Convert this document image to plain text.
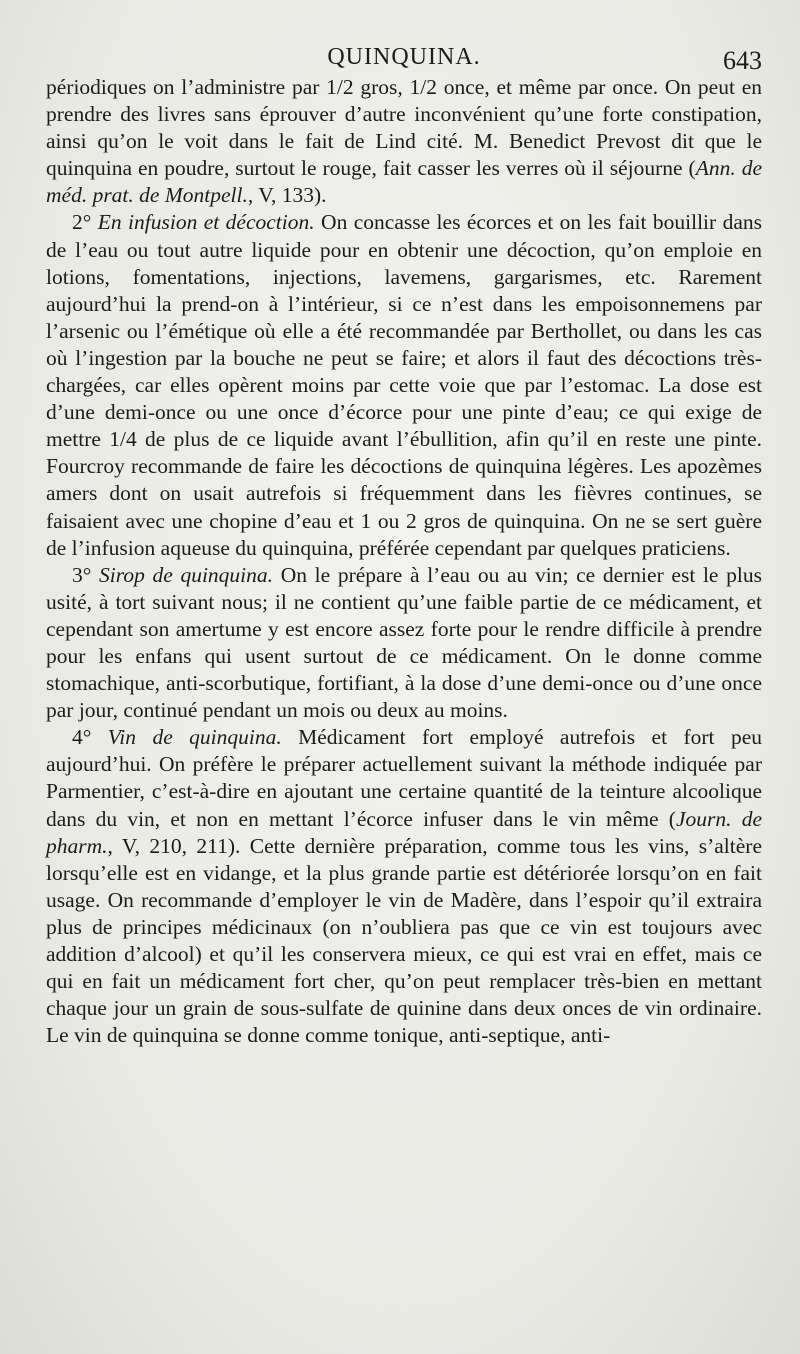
QUINQUINA.	643

périodiques on l’administre par 1/2 gros, 1/2 once, et même par once. On peut en prendre des livres sans éprouver d’autre inconvénient qu’une forte constipation, ainsi qu’on le voit dans le fait de Lind cité. M. Benedict Prevost dit que le quinquina en poudre, surtout le rouge, fait casser les verres où il séjourne (Ann. de méd. prat. de Montpell., V, 133).

2° En infusion et décoction. On concasse les écorces et on les fait bouillir dans de l’eau ou tout autre liquide pour en obtenir une décoction, qu’on emploie en lotions, fomentations, injections, lavemens, gargarismes, etc. Rarement aujourd’hui la prend-on à l’intérieur, si ce n’est dans les empoisonnemens par l’arsenic ou l’émétique où elle a été recommandée par Berthollet, ou dans les cas où l’ingestion par la bouche ne peut se faire; et alors il faut des décoctions très-chargées, car elles opèrent moins par cette voie que par l’estomac. La dose est d’une demi-once ou une once d’écorce pour une pinte d’eau; ce qui exige de mettre 1/4 de plus de ce liquide avant l’ébullition, afin qu’il en reste une pinte. Fourcroy recommande de faire les décoctions de quinquina légères. Les apozèmes amers dont on usait autrefois si fréquemment dans les fièvres continues, se faisaient avec une chopine d’eau et 1 ou 2 gros de quinquina. On ne se sert guère de l’infusion aqueuse du quinquina, préférée cependant par quelques praticiens.

3° Sirop de quinquina. On le prépare à l’eau ou au vin; ce dernier est le plus usité, à tort suivant nous; il ne contient qu’une faible partie de ce médicament, et cependant son amertume y est encore assez forte pour le rendre difficile à prendre pour les enfans qui usent surtout de ce médicament. On le donne comme stomachique, anti-scorbutique, fortifiant, à la dose d’une demi-once ou d’une once par jour, continué pendant un mois ou deux au moins.

4° Vin de quinquina. Médicament fort employé autrefois et fort peu aujourd’hui. On préfère le préparer actuellement suivant la méthode indiquée par Parmentier, c’est-à-dire en ajoutant une certaine quantité de la teinture alcoolique dans du vin, et non en mettant l’écorce infuser dans le vin même (Journ. de pharm., V, 210, 211). Cette dernière préparation, comme tous les vins, s’altère lorsqu’elle est en vidange, et la plus grande partie est détériorée lorsqu’on en fait usage. On recommande d’employer le vin de Madère, dans l’espoir qu’il extraira plus de principes médicinaux (on n’oubliera pas que ce vin est toujours avec addition d’alcool) et qu’il les conservera mieux, ce qui est vrai en effet, mais ce qui en fait un médicament fort cher, qu’on peut remplacer très-bien en mettant chaque jour un grain de sous-sulfate de quinine dans deux onces de vin ordinaire. Le vin de quinquina se donne comme tonique, anti-septique, anti-
